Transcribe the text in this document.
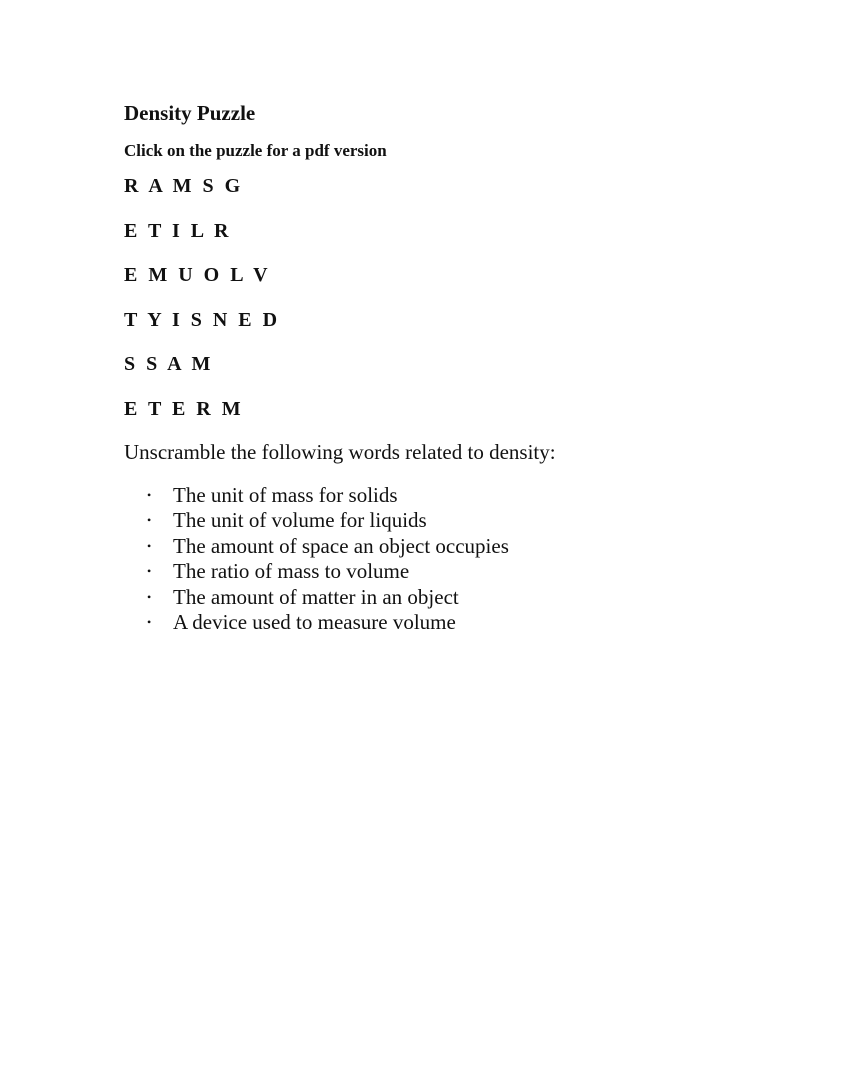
Density Puzzle

Click on the puzzle for a pdf version

R A M S G
E T I L R
E M U O L V
T Y I S N E D
S S A M
E T E R M

Unscramble the following words related to density:

• The unit of mass for solids
• The unit of volume for liquids
• The amount of space an object occupies
• The ratio of mass to volume
• The amount of matter in an object
• A device used to measure volume
